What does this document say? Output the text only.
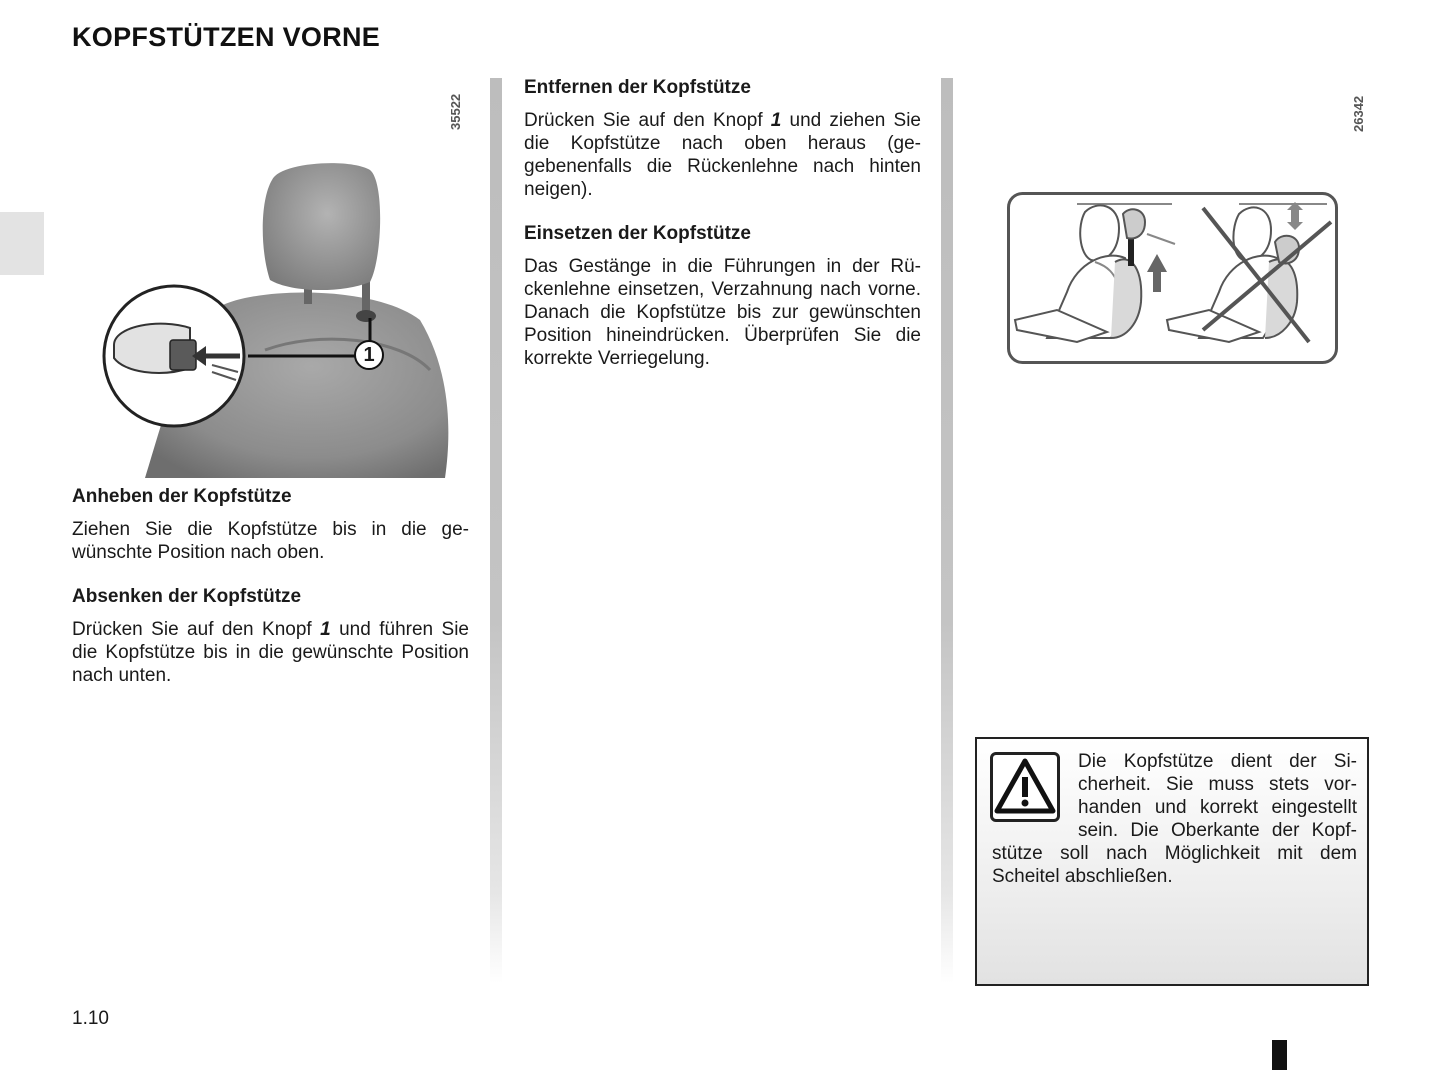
KOPFSTÜTZEN VORNE
1
35522	26342
Anheben der Kopfstütze

Ziehen Sie die Kopfstütze bis in die gewünschte Position nach oben.

Absenken der Kopfstütze

Drücken Sie auf den Knopf 1 und führen Sie die Kopfstütze bis in die gewünschte Position nach unten.

Entfernen der Kopfstütze

Drücken Sie auf den Knopf 1 und ziehen Sie die Kopfstütze nach oben heraus (gegebenenfalls die Rückenlehne nach hinten neigen).

Einsetzen der Kopfstütze

Das Gestänge in die Führungen in der Rückenlehne einsetzen, Verzahnung nach vorne. Danach die Kopfstütze bis zur gewünschten Position hineindrücken. Überprüfen Sie die korrekte Verriegelung.

Die Kopfstütze dient der Sicherheit. Sie muss stets vorhanden und korrekt eingestellt sein. Die Oberkante der Kopfstütze soll nach Möglichkeit mit dem Scheitel abschließen.
1.10
